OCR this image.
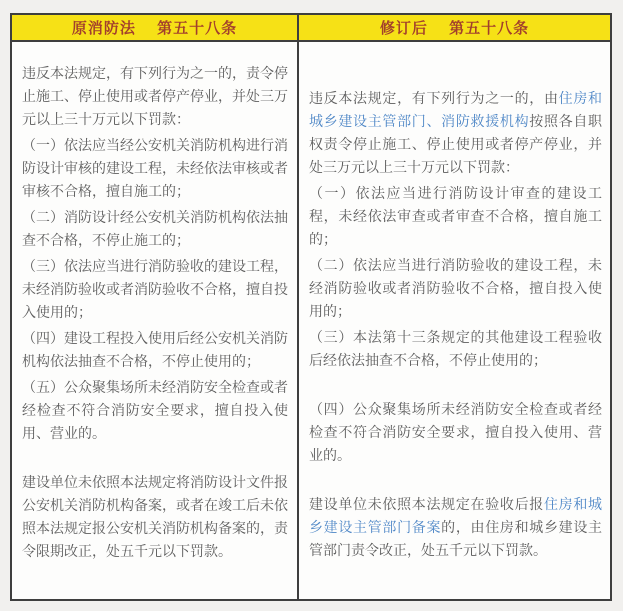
原消防法　 第五十八条	修订后　 第五十八条

违反本法规定，有下列行为之一的，责令停止施工、停止使用或者停产停业，并处三万元以上三十万元以下罚款：

（一）依法应当经公安机关消防机构进行消防设计审核的建设工程，未经依法审核或者审核不合格，擅自施工的；

（二）消防设计经公安机关消防机构依法抽查不合格，不停止施工的；

（三）依法应当进行消防验收的建设工程，未经消防验收或者消防验收不合格，擅自投入使用的；

（四）建设工程投入使用后经公安机关消防机构依法抽查不合格，不停止使用的；

（五）公众聚集场所未经消防安全检查或者经检查不符合消防安全要求，擅自投入使用、营业的。

建设单位未依照本法规定将消防设计文件报公安机关消防机构备案，或者在竣工后未依照本法规定报公安机关消防机构备案的，责令限期改正，处五千元以下罚款。

违反本法规定，有下列行为之一的，由住房和城乡建设主管部门、消防救援机构按照各自职权责令停止施工、停止使用或者停产停业，并处三万元以上三十万元以下罚款：

（一）依法应当进行消防设计审查的建设工程，未经依法审查或者审查不合格，擅自施工的；

（二）依法应当进行消防验收的建设工程，未经消防验收或者消防验收不合格，擅自投入使用的；

（三）本法第十三条规定的其他建设工程验收后经依法抽查不合格，不停止使用的；

（四）公众聚集场所未经消防安全检查或者经检查不符合消防安全要求，擅自投入使用、营业的。

建设单位未依照本法规定在验收后报住房和城乡建设主管部门备案的，由住房和城乡建设主管部门责令改正，处五千元以下罚款。
